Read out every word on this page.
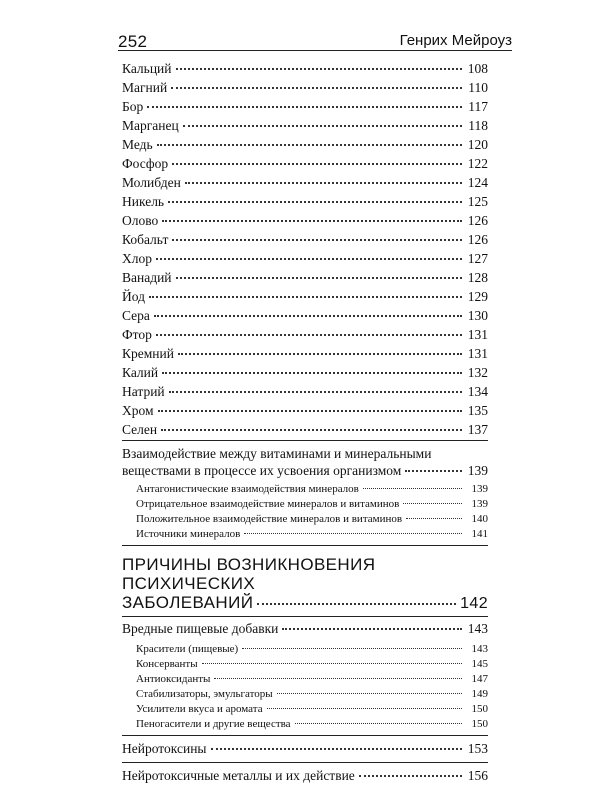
252	Генрих Мейроуз
Кальций	108
Магний	110
Бор	117
Марганец	118
Медь	120
Фосфор	122
Молибден	124
Никель	125
Олово	126
Кобальт	126
Хлор	127
Ванадий	128
Йод	129
Сера	130
Фтор	131
Кремний	131
Калий	132
Натрий	134
Хром	135
Селен	137
Взаимодействие между витаминами и минеральными
веществами в процессе их усвоения организмом	139
Антагонистические взаимодействия минералов	139
Отрицательное взаимодействие минералов и витаминов	139
Положительное взаимодействие минералов и витаминов	140
Источники минералов	141
ПРИЧИНЫ ВОЗНИКНОВЕНИЯ ПСИХИЧЕСКИХ
ЗАБОЛЕВАНИЙ	142
Вредные пищевые добавки	143
Красители (пищевые)	143
Консерванты	145
Антиоксиданты	147
Стабилизаторы, эмульгаторы	149
Усилители вкуса и аромата	150
Пеногасители и другие вещества	150
Нейротоксины	153
Нейротоксичные металлы и их действие	156
